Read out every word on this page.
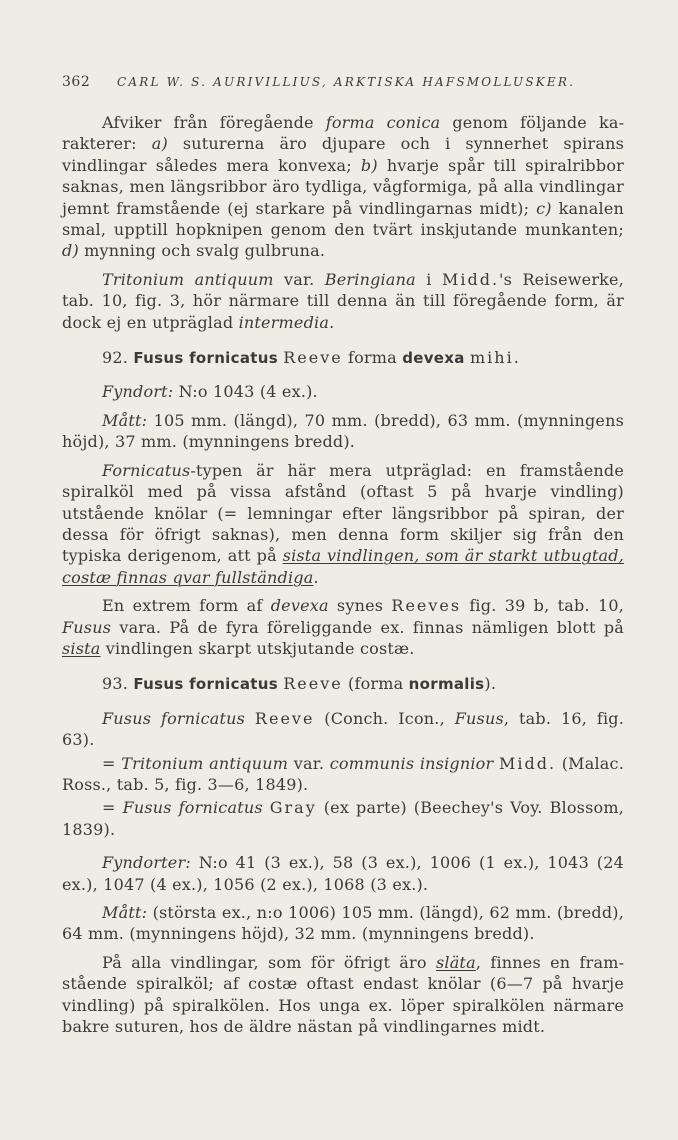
362 CARL W. S. AURIVILLIUS, ARKTISKA HAFSMOLLUSKER.

Afviker från föregående forma conica genom följande karakterer: a) suturerna äro djupare och i synnerhet spirans vindlingar således mera konvexa; b) hvarje spår till spiralribbor saknas, men längsribbor äro tydliga, vågformiga, på alla vindlingar jemnt framstående (ej starkare på vindlingarnas midt); c) kanalen smal, upptill hopknipen genom den tvärt inskjutande munkanten; d) mynning och svalg gulbruna.

Tritonium antiquum var. Beringiana i Midd.'s Reisewerke, tab. 10, fig. 3, hör närmare till denna än till föregående form, är dock ej en utpräglad intermedia.

92. Fusus fornicatus Reeve forma devexa mihi.

Fyndort: N:o 1043 (4 ex.).

Mått: 105 mm. (längd), 70 mm. (bredd), 63 mm. (mynningens höjd), 37 mm. (mynningens bredd).

Fornicatus-typen är här mera utpräglad: en framstående spiralköl med på vissa afstånd (oftast 5 på hvarje vindling) utstående knölar (= lemningar efter längsribbor på spiran, der dessa för öfrigt saknas), men denna form skiljer sig från den typiska derigenom, att på sista vindlingen, som är starkt utbugtad, costæ finnas qvar fullständiga.

En extrem form af devexa synes Reeves fig. 39 b, tab. 10, Fusus vara. På de fyra föreliggande ex. finnas nämligen blott på sista vindlingen skarpt utskjutande costæ.

93. Fusus fornicatus Reeve (forma normalis).

Fusus fornicatus Reeve (Conch. Icon., Fusus, tab. 16, fig. 63).

= Tritonium antiquum var. communis insignior Midd. (Malac. Ross., tab. 5, fig. 3—6, 1849).

= Fusus fornicatus Gray (ex parte) (Beechey's Voy. Blossom, 1839).

Fyndorter: N:o 41 (3 ex.), 58 (3 ex.), 1006 (1 ex.), 1043 (24 ex.), 1047 (4 ex.), 1056 (2 ex.), 1068 (3 ex.).

Mått: (största ex., n:o 1006) 105 mm. (längd), 62 mm. (bredd), 64 mm. (mynningens höjd), 32 mm. (mynningens bredd).

På alla vindlingar, som för öfrigt äro släta, finnes en framstående spiralköl; af costæ oftast endast knölar (6—7 på hvarje vindling) på spiralkölen. Hos unga ex. löper spiralkölen närmare bakre suturen, hos de äldre nästan på vindlingarnes midt.
